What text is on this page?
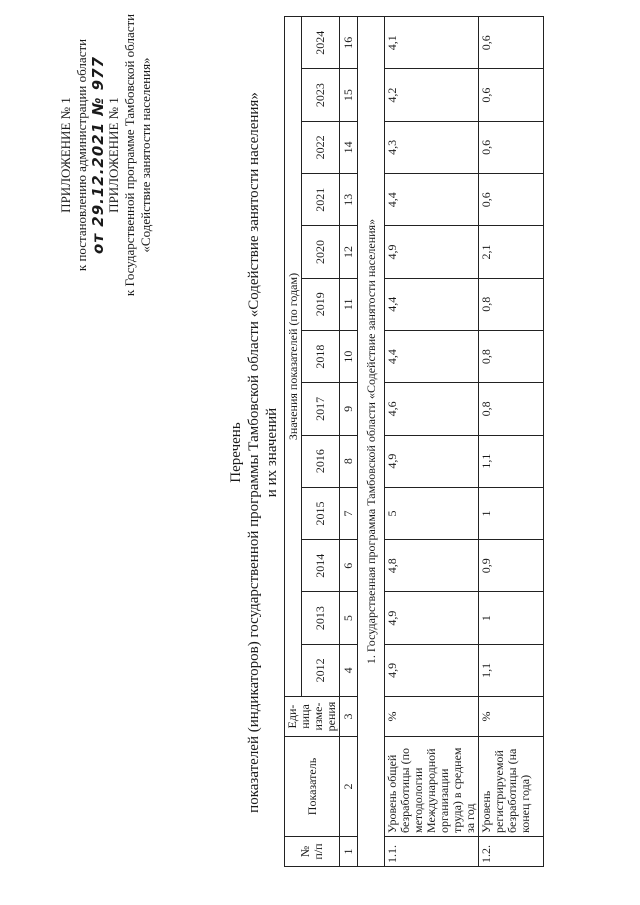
ПРИЛОЖЕНИЕ № 1 к постановлению администрации области от 29.12.2021 № 977 ПРИЛОЖЕНИЕ № 1 к Государственной программе Тамбовской области «Содействие занятости населения»
Перечень показателей (индикаторов) государственной программы Тамбовской области «Содействие занятости населения» и их значений
№ п/п	Показатель	Еди-ница изме-рения	Значения показателей (по годам)												
			2012	2013	2014	2015	2016	2017	2018	2019	2020	2021	2022	2023	2024
1	2	3	4	5	6	7	8	9	10	11	12	13	14	15	16
1. Государственная программа Тамбовской области «Содействие занятости населения»															
1.1.	Уровень общей безработицы (по методологии Международной организации труда) в среднем за год	%	4,9	4,9	4,8	5	4,9	4,6	4,4	4,4	4,9	4,4	4,3	4,2	4,1
1.2.	Уровень регистрируемой безработицы (на конец года)	%	1,1	1	0,9	1	1,1	0,8	0,8	0,8	2,1	0,6	0,6	0,6	0,6
